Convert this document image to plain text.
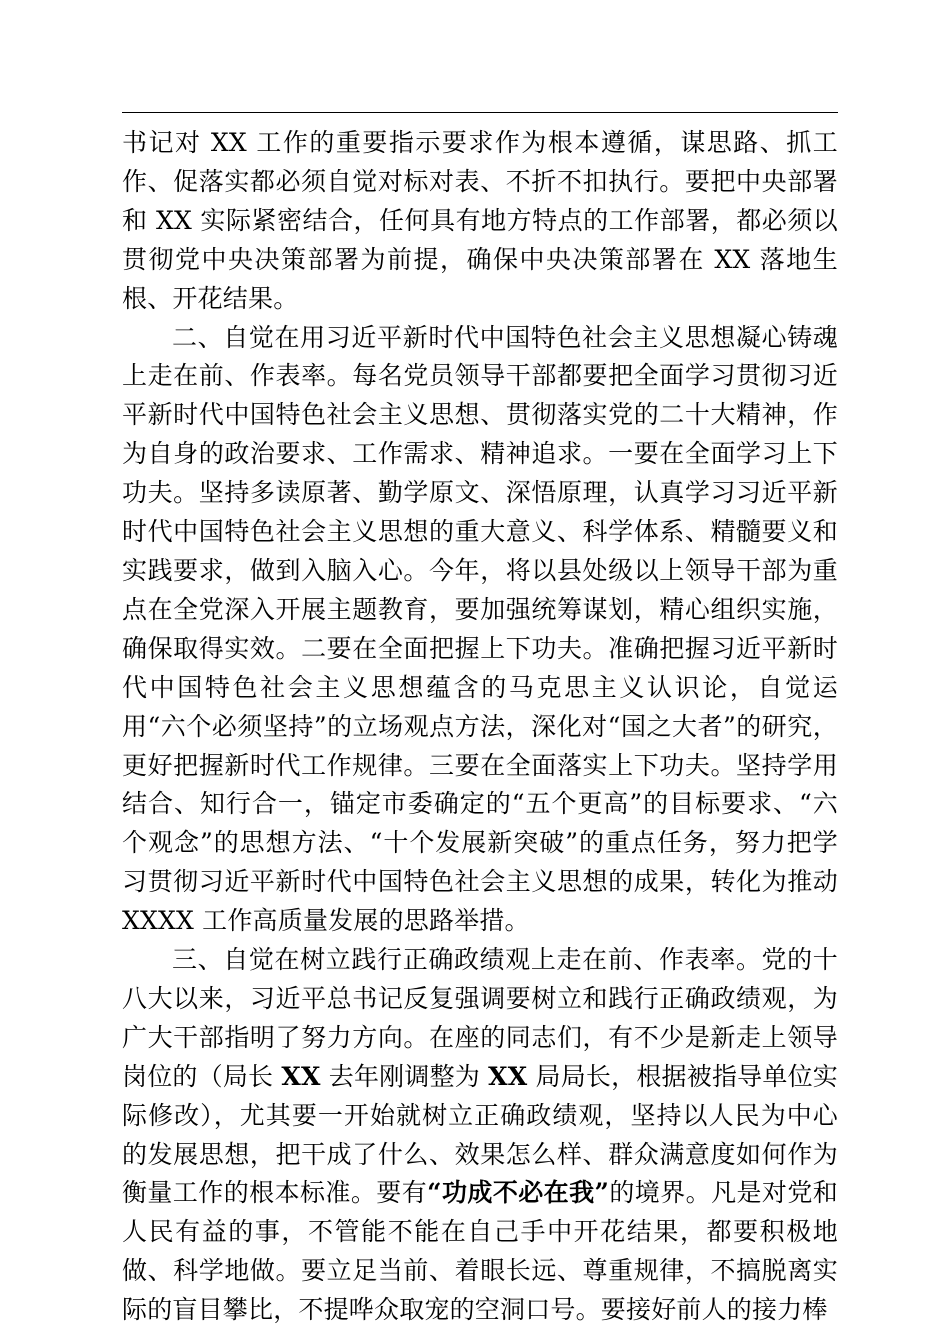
书记对 XX 工作的重要指示要求作为根本遵循，谋思路、抓工作、促落实都必须自觉对标对表、不折不扣执行。要把中央部署和 XX 实际紧密结合，任何具有地方特点的工作部署，都必须以贯彻党中央决策部署为前提，确保中央决策部署在 XX 落地生根、开花结果。

二、自觉在用习近平新时代中国特色社会主义思想凝心铸魂上走在前、作表率。每名党员领导干部都要把全面学习贯彻习近平新时代中国特色社会主义思想、贯彻落实党的二十大精神，作为自身的政治要求、工作需求、精神追求。一要在全面学习上下功夫。坚持多读原著、勤学原文、深悟原理，认真学习习近平新时代中国特色社会主义思想的重大意义、科学体系、精髓要义和实践要求，做到入脑入心。今年，将以县处级以上领导干部为重点在全党深入开展主题教育，要加强统筹谋划，精心组织实施，确保取得实效。二要在全面把握上下功夫。准确把握习近平新时代中国特色社会主义思想蕴含的马克思主义认识论，自觉运用“六个必须坚持”的立场观点方法，深化对“国之大者”的研究，更好把握新时代工作规律。三要在全面落实上下功夫。坚持学用结合、知行合一，锚定市委确定的“五个更高”的目标要求、“六个观念”的思想方法、“十个发展新突破”的重点任务，努力把学习贯彻习近平新时代中国特色社会主义思想的成果，转化为推动 XXXX 工作高质量发展的思路举措。

三、自觉在树立践行正确政绩观上走在前、作表率。党的十八大以来，习近平总书记反复强调要树立和践行正确政绩观，为广大干部指明了努力方向。在座的同志们，有不少是新走上领导岗位的（局长 XX 去年刚调整为 XX 局局长，根据被指导单位实际修改），尤其要一开始就树立正确政绩观，坚持以人民为中心的发展思想，把干成了什么、效果怎么样、群众满意度如何作为衡量工作的根本标准。要有“功成不必在我”的境界。凡是对党和人民有益的事，不管能不能在自己手中开花结果，都要积极地做、科学地做。要立足当前、着眼长远、尊重规律，不搞脱离实际的盲目攀比，不提哗众取宠的空洞口号。要接好前人的接力棒
